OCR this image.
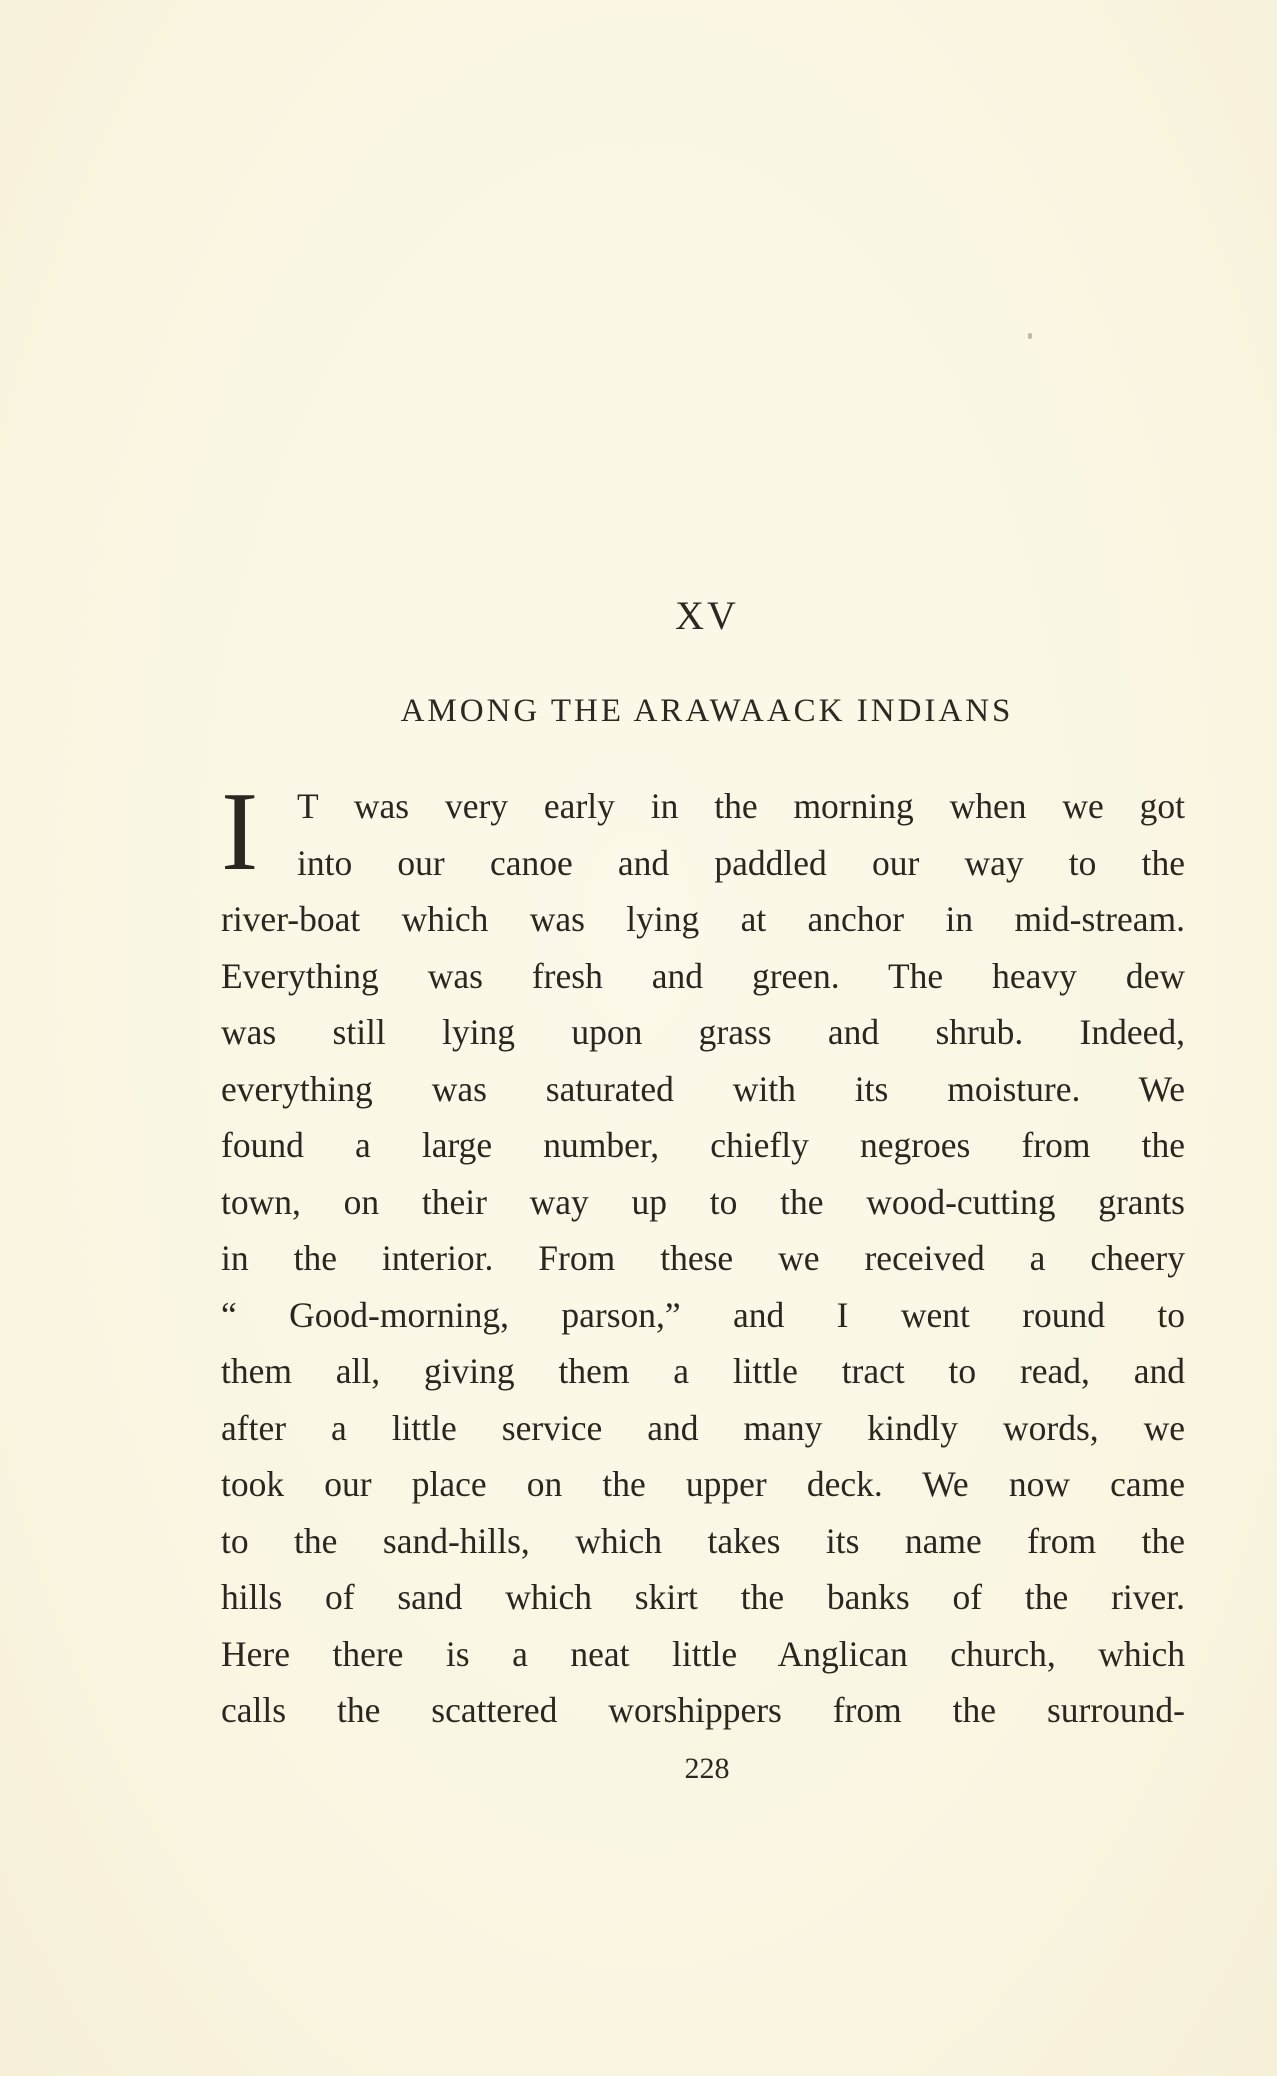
XV
AMONG THE ARAWAACK INDIANS
I	T was very early in the morning when we got
into our canoe and paddled our way to the
river-boat which was lying at anchor in mid-stream.
Everything was fresh and green. The heavy dew
was still lying upon grass and shrub. Indeed,
everything was saturated with its moisture. We
found a large number, chiefly negroes from the
town, on their way up to the wood-cutting grants
in the interior. From these we received a cheery
“ Good-morning, parson,” and I went round to
them all, giving them a little tract to read, and
after a little service and many kindly words, we
took our place on the upper deck. We now came
to the sand-hills, which takes its name from the
hills of sand which skirt the banks of the river.
Here there is a neat little Anglican church, which
calls the scattered worshippers from the surround-
228
